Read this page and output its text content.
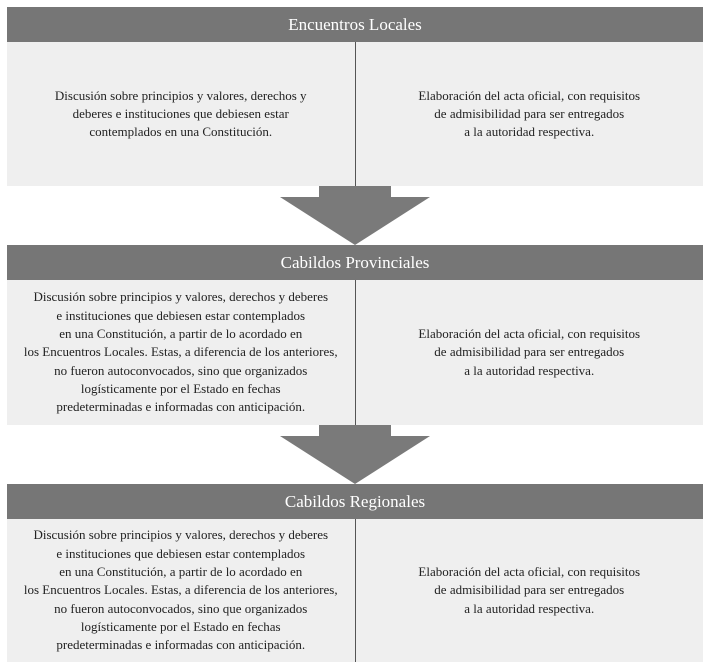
Encuentros Locales
Discusión sobre principios y valores, derechos y
deberes e instituciones que debiesen estar
contemplados en una Constitución.
Elaboración del acta oficial, con requisitos
de admisibilidad para ser entregados
a la autoridad respectiva.
Cabildos Provinciales
Discusión sobre principios y valores, derechos y deberes
e instituciones que debiesen estar contemplados
en una Constitución, a partir de lo acordado en
los Encuentros Locales. Estas, a diferencia de los anteriores,
no fueron autoconvocados, sino que organizados
logísticamente por el Estado en fechas
predeterminadas e informadas con anticipación.
Elaboración del acta oficial, con requisitos
de admisibilidad para ser entregados
a la autoridad respectiva.
Cabildos Regionales
Discusión sobre principios y valores, derechos y deberes
e instituciones que debiesen estar contemplados
en una Constitución, a partir de lo acordado en
los Encuentros Locales. Estas, a diferencia de los anteriores,
no fueron autoconvocados, sino que organizados
logísticamente por el Estado en fechas
predeterminadas e informadas con anticipación.
Elaboración del acta oficial, con requisitos
de admisibilidad para ser entregados
a la autoridad respectiva.
